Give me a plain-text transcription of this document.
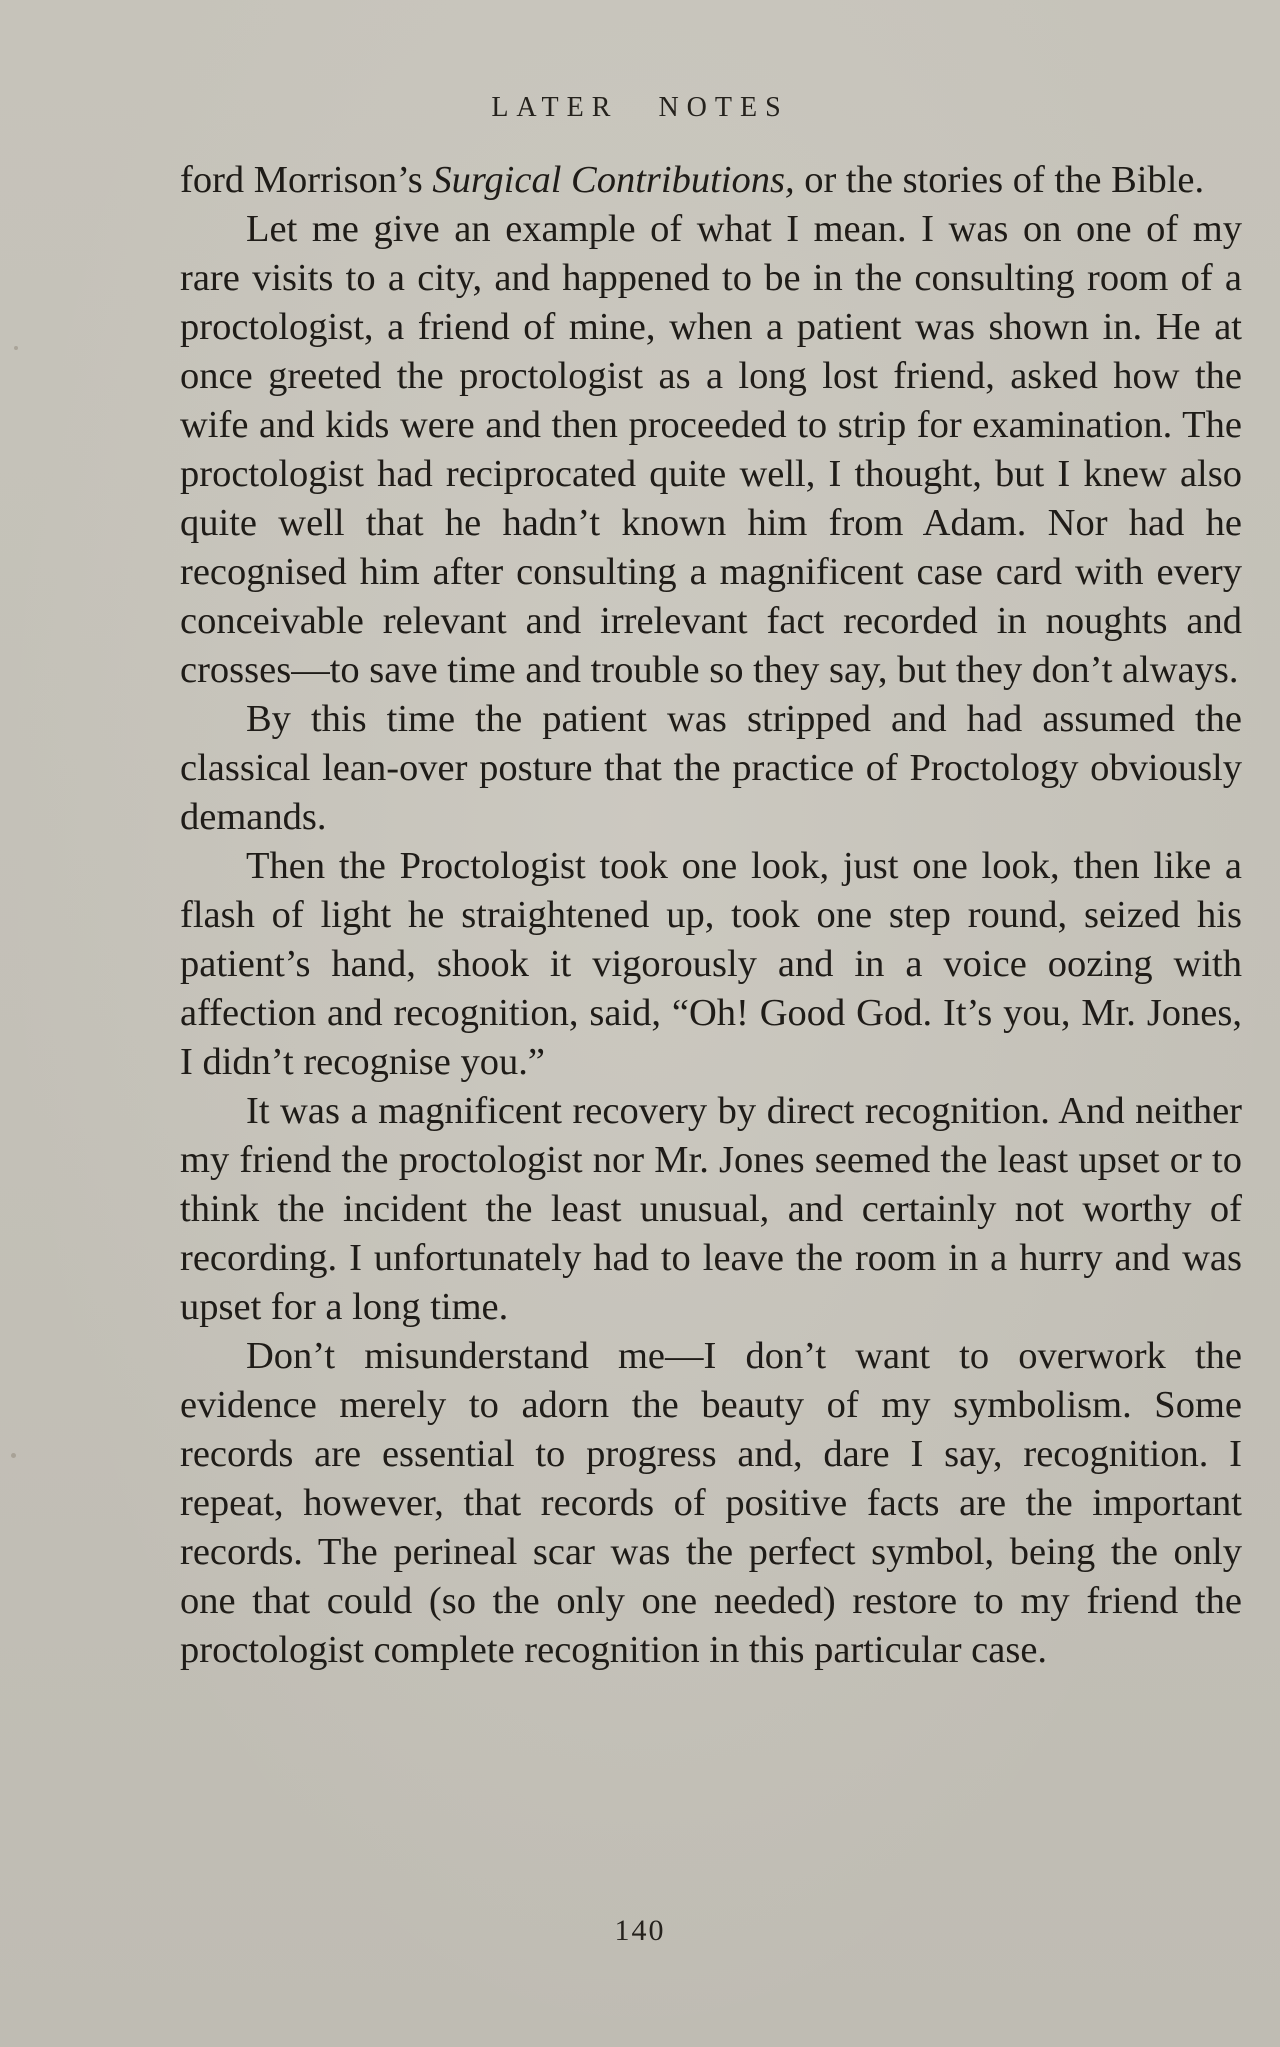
LATER NOTES

ford Morrison’s Surgical Contributions, or the stories of the Bible.

Let me give an example of what I mean. I was on one of my rare visits to a city, and happened to be in the consulting room of a proctologist, a friend of mine, when a patient was shown in. He at once greeted the proctologist as a long lost friend, asked how the wife and kids were and then proceeded to strip for examination. The proctologist had reciprocated quite well, I thought, but I knew also quite well that he hadn’t known him from Adam. Nor had he recognised him after consulting a magnificent case card with every conceivable relevant and irrelevant fact recorded in noughts and crosses—to save time and trouble so they say, but they don’t always.

By this time the patient was stripped and had assumed the classical lean-over posture that the practice of Proctology obviously demands.

Then the Proctologist took one look, just one look, then like a flash of light he straightened up, took one step round, seized his patient’s hand, shook it vigorously and in a voice oozing with affection and recognition, said, “Oh! Good God. It’s you, Mr. Jones, I didn’t recognise you.”

It was a magnificent recovery by direct recognition. And neither my friend the proctologist nor Mr. Jones seemed the least upset or to think the incident the least unusual, and certainly not worthy of recording. I unfortunately had to leave the room in a hurry and was upset for a long time.

Don’t misunderstand me—I don’t want to overwork the evidence merely to adorn the beauty of my symbolism. Some records are essential to progress and, dare I say, recognition. I repeat, however, that records of positive facts are the important records. The perineal scar was the perfect symbol, being the only one that could (so the only one needed) restore to my friend the proctologist complete recognition in this particular case.

140
